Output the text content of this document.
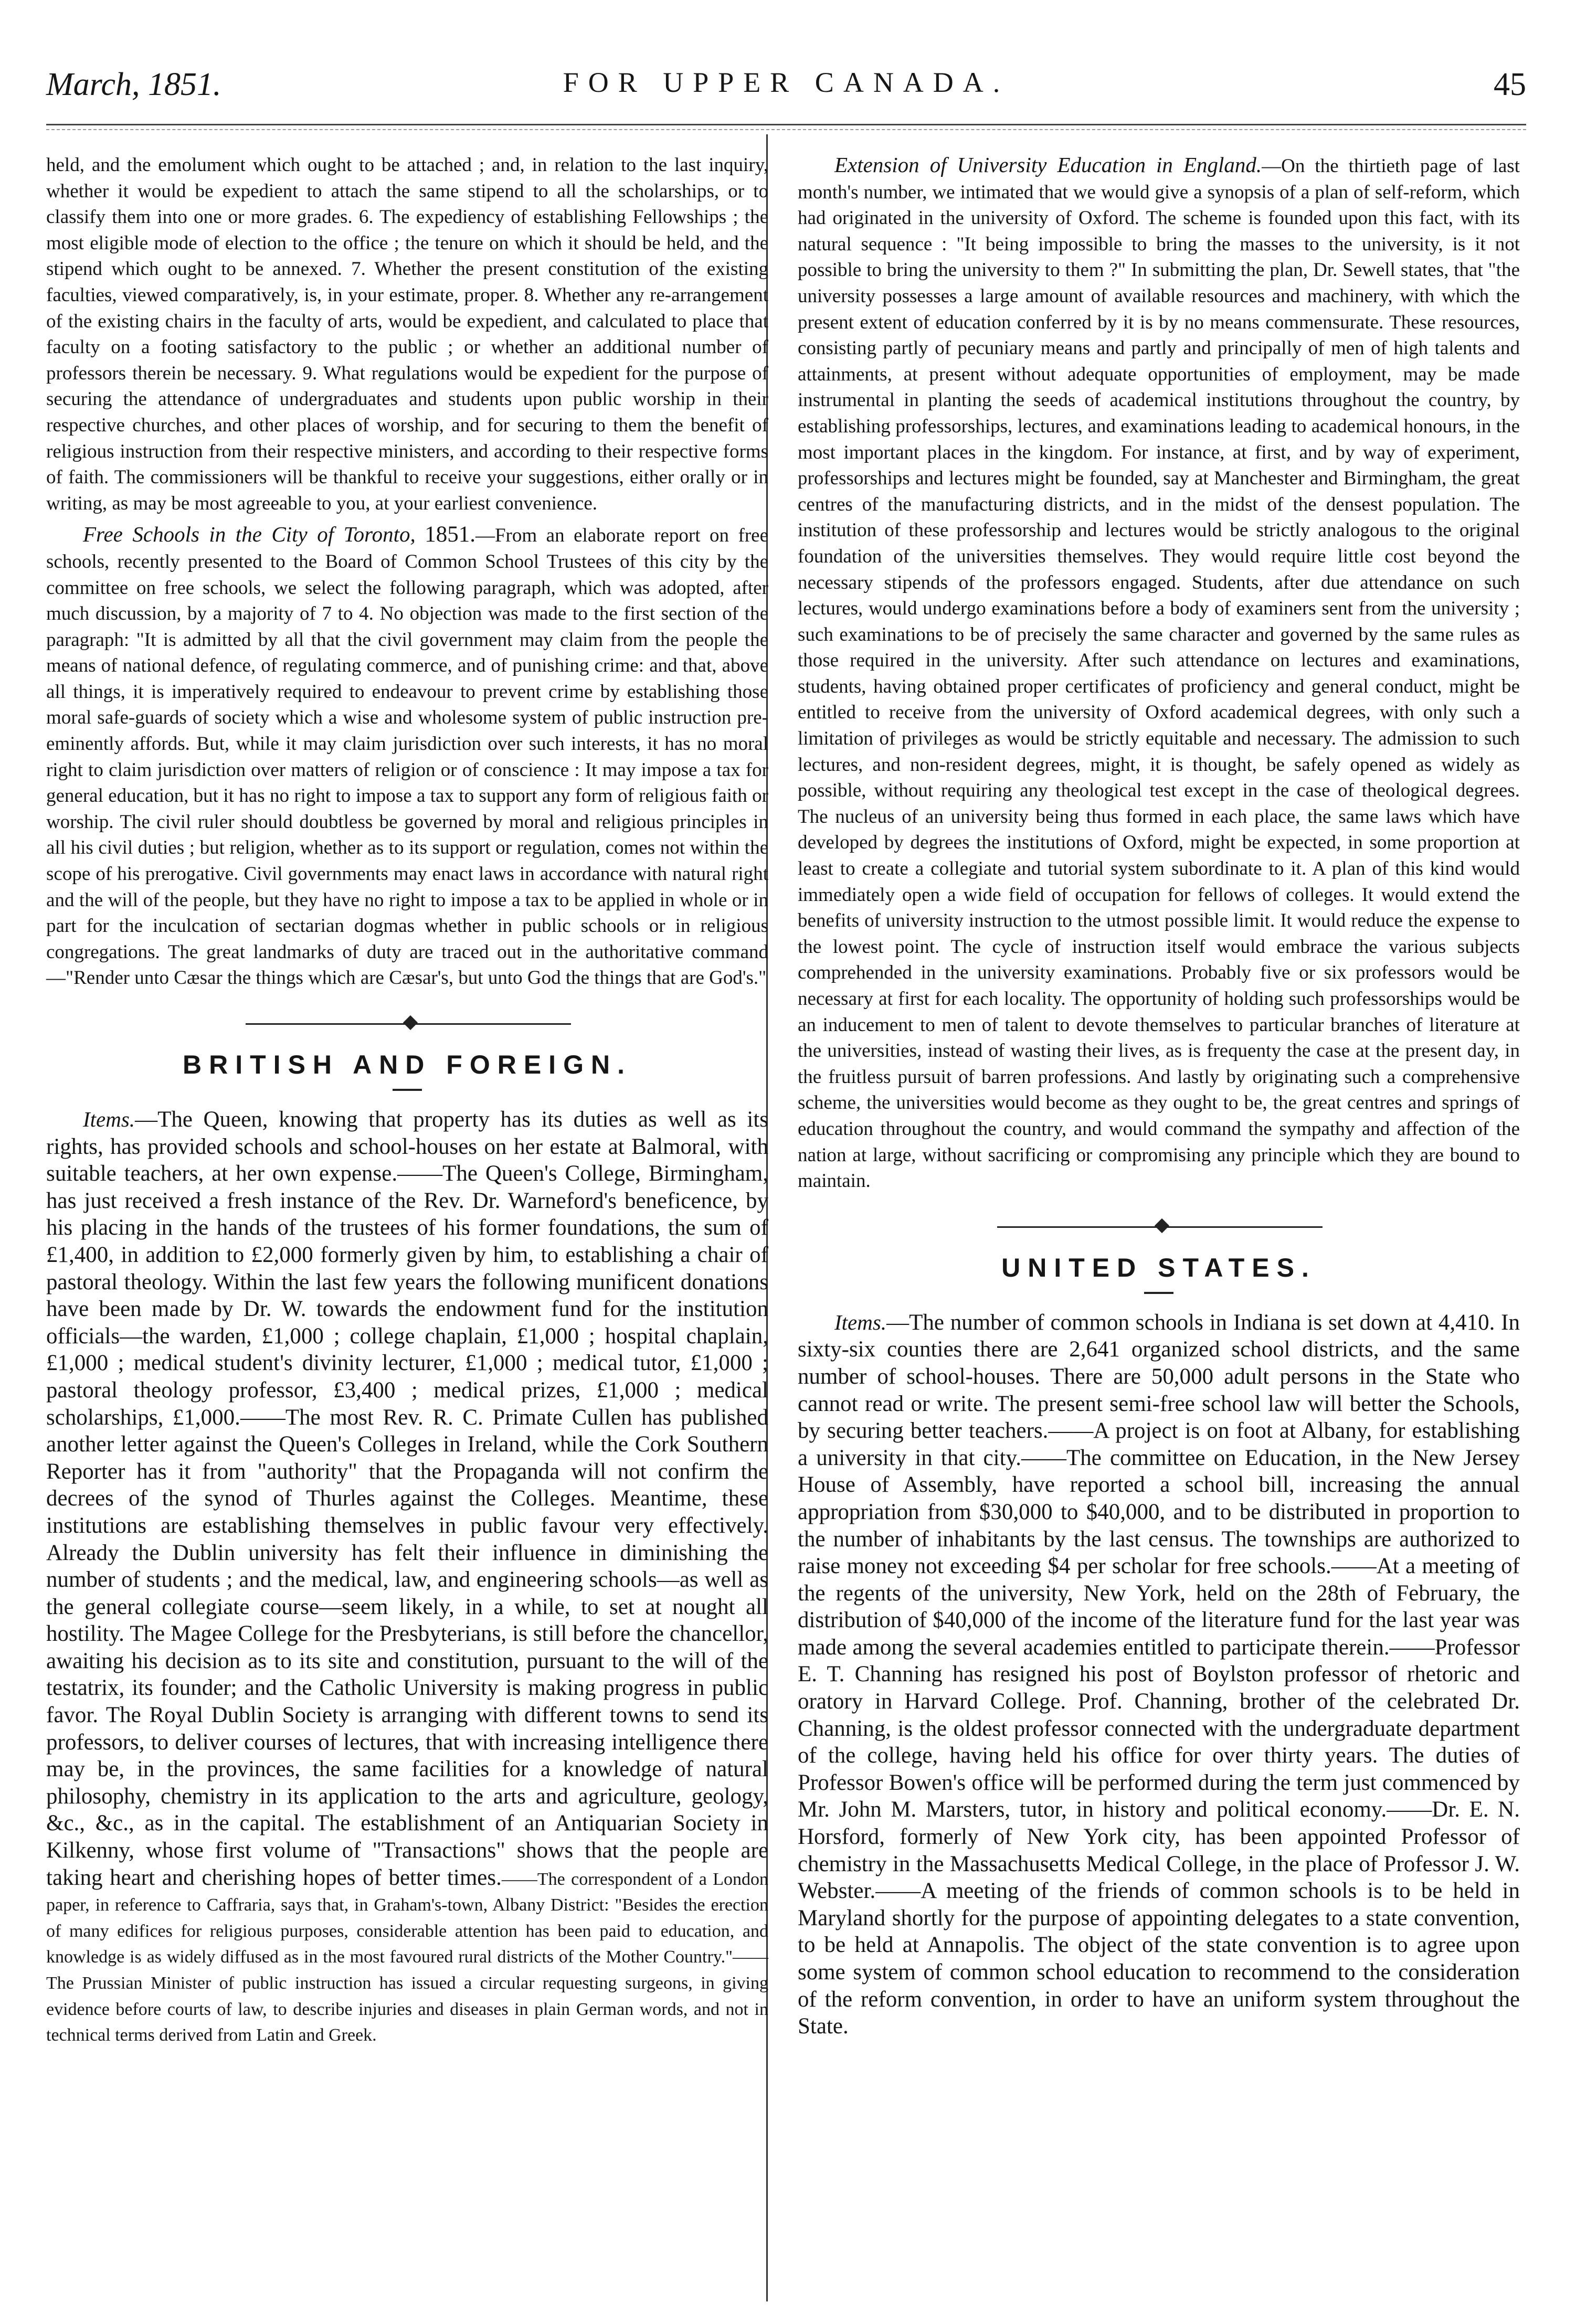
March, 1851.	FOR UPPER CANADA.	45

held, and the emolument which ought to be attached ; and, in relation to the last inquiry, whether it would be expedient to attach the same stipend to all the scholarships, or to classify them into one or more grades. 6. The expediency of establishing Fellowships ; the most eligible mode of election to the office ; the tenure on which it should be held, and the stipend which ought to be annexed. 7. Whether the present constitution of the existing faculties, viewed comparatively, is, in your estimate, proper. 8. Whether any re-arrangement of the existing chairs in the faculty of arts, would be expedient, and calculated to place that faculty on a footing satisfactory to the public ; or whether an additional number of professors therein be necessary. 9. What regulations would be expedient for the purpose of securing the attendance of undergraduates and students upon public worship in their respective churches, and other places of worship, and for securing to them the benefit of religious instruction from their respective ministers, and according to their respective forms of faith. The commissioners will be thankful to receive your suggestions, either orally or in writing, as may be most agreeable to you, at your earliest convenience.

Free Schools in the City of Toronto, 1851.—From an elaborate report on free schools, recently presented to the Board of Common School Trustees of this city by the committee on free schools, we select the following paragraph, which was adopted, after much discussion, by a majority of 7 to 4. No objection was made to the first section of the paragraph: "It is admitted by all that the civil government may claim from the people the means of national defence, of regulating commerce, and of punishing crime: and that, above all things, it is imperatively required to endeavour to prevent crime by establishing those moral safe-guards of society which a wise and wholesome system of public instruction pre-eminently affords. But, while it may claim jurisdiction over such interests, it has no moral right to claim jurisdiction over matters of religion or of conscience : It may impose a tax for general education, but it has no right to impose a tax to support any form of religious faith or worship. The civil ruler should doubtless be governed by moral and religious principles in all his civil duties ; but religion, whether as to its support or regulation, comes not within the scope of his prerogative. Civil governments may enact laws in accordance with natural right and the will of the people, but they have no right to impose a tax to be applied in whole or in part for the inculcation of sectarian dogmas whether in public schools or in religious congregations. The great landmarks of duty are traced out in the authoritative command—"Render unto Cæsar the things which are Cæsar's, but unto God the things that are God's."

BRITISH AND FOREIGN.

Items.—The Queen, knowing that property has its duties as well as its rights, has provided schools and school-houses on her estate at Balmoral, with suitable teachers, at her own expense.——The Queen's College, Birmingham, has just received a fresh instance of the Rev. Dr. Warneford's beneficence, by his placing in the hands of the trustees of his former foundations, the sum of £1,400, in addition to £2,000 formerly given by him, to establishing a chair of pastoral theology. Within the last few years the following munificent donations have been made by Dr. W. towards the endowment fund for the institution officials—the warden, £1,000 ; college chaplain, £1,000 ; hospital chaplain, £1,000 ; medical student's divinity lecturer, £1,000 ; medical tutor, £1,000 ; pastoral theology professor, £3,400 ; medical prizes, £1,000 ; medical scholarships, £1,000.——The most Rev. R. C. Primate Cullen has published another letter against the Queen's Colleges in Ireland, while the Cork Southern Reporter has it from "authority" that the Propaganda will not confirm the decrees of the synod of Thurles against the Colleges. Meantime, these institutions are establishing themselves in public favour very effectively. Already the Dublin university has felt their influence in diminishing the number of students ; and the medical, law, and engineering schools—as well as the general collegiate course—seem likely, in a while, to set at nought all hostility. The Magee College for the Presbyterians, is still before the chancellor, awaiting his decision as to its site and constitution, pursuant to the will of the testatrix, its founder; and the Catholic University is making progress in public favor. The Royal Dublin Society is arranging with different towns to send its professors, to deliver courses of lectures, that with increasing intelligence there may be, in the provinces, the same facilities for a knowledge of natural philosophy, chemistry in its application to the arts and agriculture, geology, &c., &c., as in the capital. The establishment of an Antiquarian Society in Kilkenny, whose first volume of "Transactions" shows that the people are taking heart and cherishing hopes of better times.——The correspondent of a London paper, in reference to Caffraria, says that, in Graham's-town, Albany District: "Besides the erection of many edifices for religious purposes, considerable attention has been paid to education, and knowledge is as widely diffused as in the most favoured rural districts of the Mother Country."——The Prussian Minister of public instruction has issued a circular requesting surgeons, in giving evidence before courts of law, to describe injuries and diseases in plain German words, and not in technical terms derived from Latin and Greek.

Extension of University Education in England.—On the thirtieth page of last month's number, we intimated that we would give a synopsis of a plan of self-reform, which had originated in the university of Oxford. The scheme is founded upon this fact, with its natural sequence : "It being impossible to bring the masses to the university, is it not possible to bring the university to them ?" In submitting the plan, Dr. Sewell states, that "the university possesses a large amount of available resources and machinery, with which the present extent of education conferred by it is by no means commensurate. These resources, consisting partly of pecuniary means and partly and principally of men of high talents and attainments, at present without adequate opportunities of employment, may be made instrumental in planting the seeds of academical institutions throughout the country, by establishing professorships, lectures, and examinations leading to academical honours, in the most important places in the kingdom. For instance, at first, and by way of experiment, professorships and lectures might be founded, say at Manchester and Birmingham, the great centres of the manufacturing districts, and in the midst of the densest population. The institution of these professorship and lectures would be strictly analogous to the original foundation of the universities themselves. They would require little cost beyond the necessary stipends of the professors engaged. Students, after due attendance on such lectures, would undergo examinations before a body of examiners sent from the university ; such examinations to be of precisely the same character and governed by the same rules as those required in the university. After such attendance on lectures and examinations, students, having obtained proper certificates of proficiency and general conduct, might be entitled to receive from the university of Oxford academical degrees, with only such a limitation of privileges as would be strictly equitable and necessary. The admission to such lectures, and non-resident degrees, might, it is thought, be safely opened as widely as possible, without requiring any theological test except in the case of theological degrees. The nucleus of an university being thus formed in each place, the same laws which have developed by degrees the institutions of Oxford, might be expected, in some proportion at least to create a collegiate and tutorial system subordinate to it. A plan of this kind would immediately open a wide field of occupation for fellows of colleges. It would extend the benefits of university instruction to the utmost possible limit. It would reduce the expense to the lowest point. The cycle of instruction itself would embrace the various subjects comprehended in the university examinations. Probably five or six professors would be necessary at first for each locality. The opportunity of holding such professorships would be an inducement to men of talent to devote themselves to particular branches of literature at the universities, instead of wasting their lives, as is frequenty the case at the present day, in the fruitless pursuit of barren professions. And lastly by originating such a comprehensive scheme, the universities would become as they ought to be, the great centres and springs of education throughout the country, and would command the sympathy and affection of the nation at large, without sacrificing or compromising any principle which they are bound to maintain.

UNITED STATES.

Items.—The number of common schools in Indiana is set down at 4,410. In sixty-six counties there are 2,641 organized school districts, and the same number of school-houses. There are 50,000 adult persons in the State who cannot read or write. The present semi-free school law will better the Schools, by securing better teachers.——A project is on foot at Albany, for establishing a university in that city.——The committee on Education, in the New Jersey House of Assembly, have reported a school bill, increasing the annual appropriation from $30,000 to $40,000, and to be distributed in proportion to the number of inhabitants by the last census. The townships are authorized to raise money not exceeding $4 per scholar for free schools.——At a meeting of the regents of the university, New York, held on the 28th of February, the distribution of $40,000 of the income of the literature fund for the last year was made among the several academies entitled to participate therein.——Professor E. T. Channing has resigned his post of Boylston professor of rhetoric and oratory in Harvard College. Prof. Channing, brother of the celebrated Dr. Channing, is the oldest professor connected with the undergraduate department of the college, having held his office for over thirty years. The duties of Professor Bowen's office will be performed during the term just commenced by Mr. John M. Marsters, tutor, in history and political economy.——Dr. E. N. Horsford, formerly of New York city, has been appointed Professor of chemistry in the Massachusetts Medical College, in the place of Professor J. W. Webster.——A meeting of the friends of common schools is to be held in Maryland shortly for the purpose of appointing delegates to a state convention, to be held at Annapolis. The object of the state convention is to agree upon some system of common school education to recommend to the consideration of the reform convention, in order to have an uniform system throughout the State.
